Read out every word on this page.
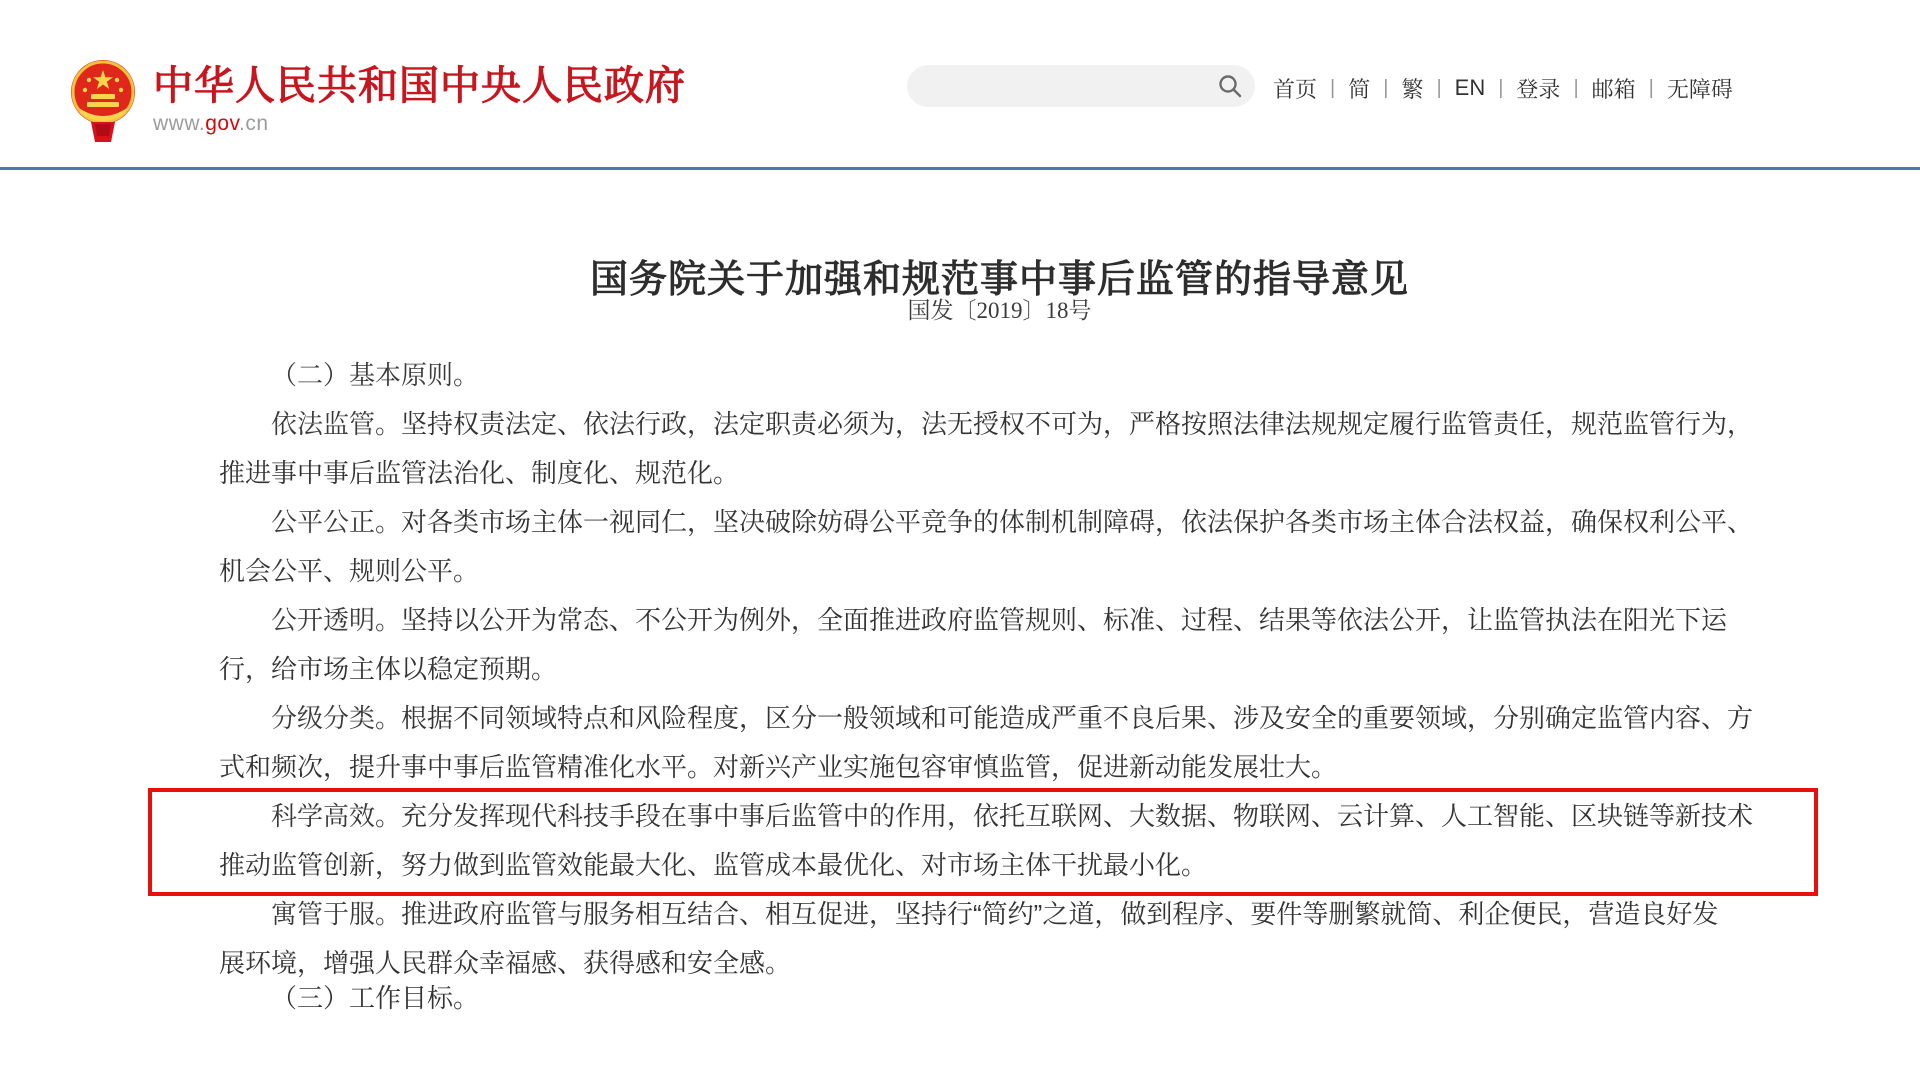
中华人民共和国中央人民政府
www.gov.cn
首页 | 简 | 繁 | EN | 登录 | 邮箱 | 无障碍
国务院关于加强和规范事中事后监管的指导意见
国发〔2019〕18号
（二）基本原则。
依法监管。坚持权责法定、依法行政，法定职责必须为，法无授权不可为，严格按照法律法规规定履行监管责任，规范监管行为，
推进事中事后监管法治化、制度化、规范化。
公平公正。对各类市场主体一视同仁，坚决破除妨碍公平竞争的体制机制障碍，依法保护各类市场主体合法权益，确保权利公平、
机会公平、规则公平。
公开透明。坚持以公开为常态、不公开为例外，全面推进政府监管规则、标准、过程、结果等依法公开，让监管执法在阳光下运
行，给市场主体以稳定预期。
分级分类。根据不同领域特点和风险程度，区分一般领域和可能造成严重不良后果、涉及安全的重要领域，分别确定监管内容、方
式和频次，提升事中事后监管精准化水平。对新兴产业实施包容审慎监管，促进新动能发展壮大。
科学高效。充分发挥现代科技手段在事中事后监管中的作用，依托互联网、大数据、物联网、云计算、人工智能、区块链等新技术
推动监管创新，努力做到监管效能最大化、监管成本最优化、对市场主体干扰最小化。
寓管于服。推进政府监管与服务相互结合、相互促进，坚持行“简约”之道，做到程序、要件等删繁就简、利企便民，营造良好发
展环境，增强人民群众幸福感、获得感和安全感。
（三）工作目标。
